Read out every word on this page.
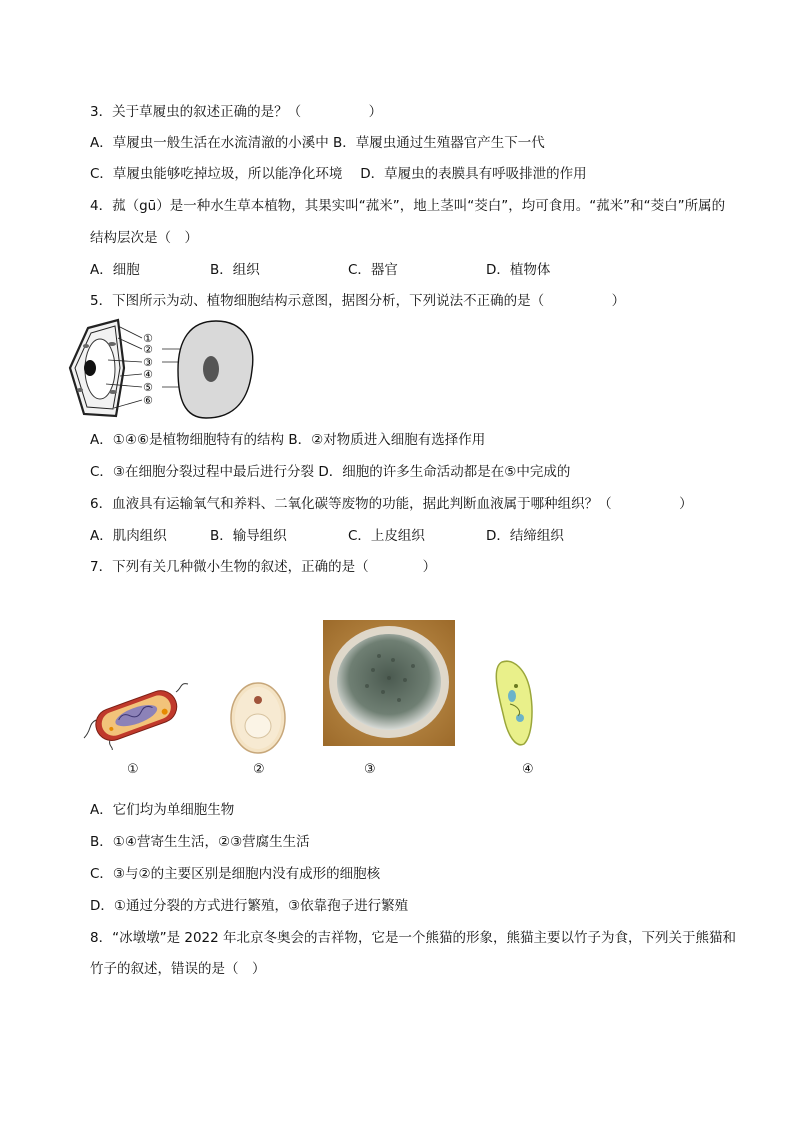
3．关于草履虫的叙述正确的是？（　　　　　）
A．草履虫一般生活在水流清澈的小溪中 B．草履虫通过生殖器官产生下一代
C．草履虫能够吃掉垃圾，所以能净化环境　 D．草履虫的表膜具有呼吸排泄的作用
4．菰（gū）是一种水生草本植物，其果实叫“菰米”，地上茎叫“茭白”，均可食用。“菰米”和“茭白”所属的
结构层次是（　）
A．细胞	B．组织	C．器官	D．植物体
5．下图所示为动、植物细胞结构示意图，据图分析，下列说法不正确的是（　　　　　）
①
②
③
④
⑤
⑥
A．①④⑥是植物细胞特有的结构 B．②对物质进入细胞有选择作用
C．③在细胞分裂过程中最后进行分裂 D．细胞的许多生命活动都是在⑤中完成的
6．血液具有运输氧气和养料、二氧化碳等废物的功能，据此判断血液属于哪种组织？（　　　　　）
A．肌肉组织	B．输导组织	C．上皮组织	D．结缔组织
7．下列有关几种微小生物的叙述，正确的是（　　　　）
①	②	③	④
A．它们均为单细胞生物
B．①④营寄生生活，②③营腐生生活
C．③与②的主要区别是细胞内没有成形的细胞核
D．①通过分裂的方式进行繁殖，③依靠孢子进行繁殖
8．“冰墩墩”是 2022 年北京冬奥会的吉祥物，它是一个熊猫的形象，熊猫主要以竹子为食，下列关于熊猫和
竹子的叙述，错误的是（　）
